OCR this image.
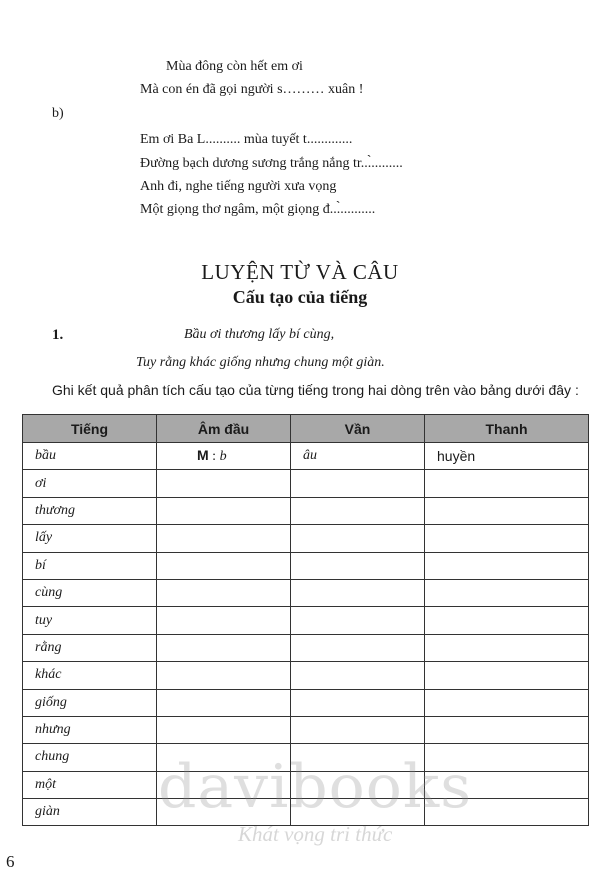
Mùa đông còn hết em ơi
Mà con én đã gọi người s……… xuân !
b)
Em ơi Ba L.......... mùa tuyết t.............
Đường bạch dương sương trắng nắng tr...̀.........
Anh đi, nghe tiếng người xưa vọng
Một giọng thơ ngâm, một giọng đ...̀..........
LUYỆN TỪ VÀ CÂU
Cấu tạo của tiếng
1.	Bầu ơi thương lấy bí cùng,
Tuy rằng khác giống nhưng chung một giàn.
Ghi kết quả phân tích cấu tạo của từng tiếng trong hai dòng trên vào bảng dưới đây :
Tiếng	Âm đầu	Vần	Thanh
bầu	M : b	âu	huyền
ơi			
thương			
lấy			
bí			
cùng			
tuy			
rằng			
khác			
giống			
nhưng			
chung			
một			
giàn			davibooks
Khát vọng tri thức
6
